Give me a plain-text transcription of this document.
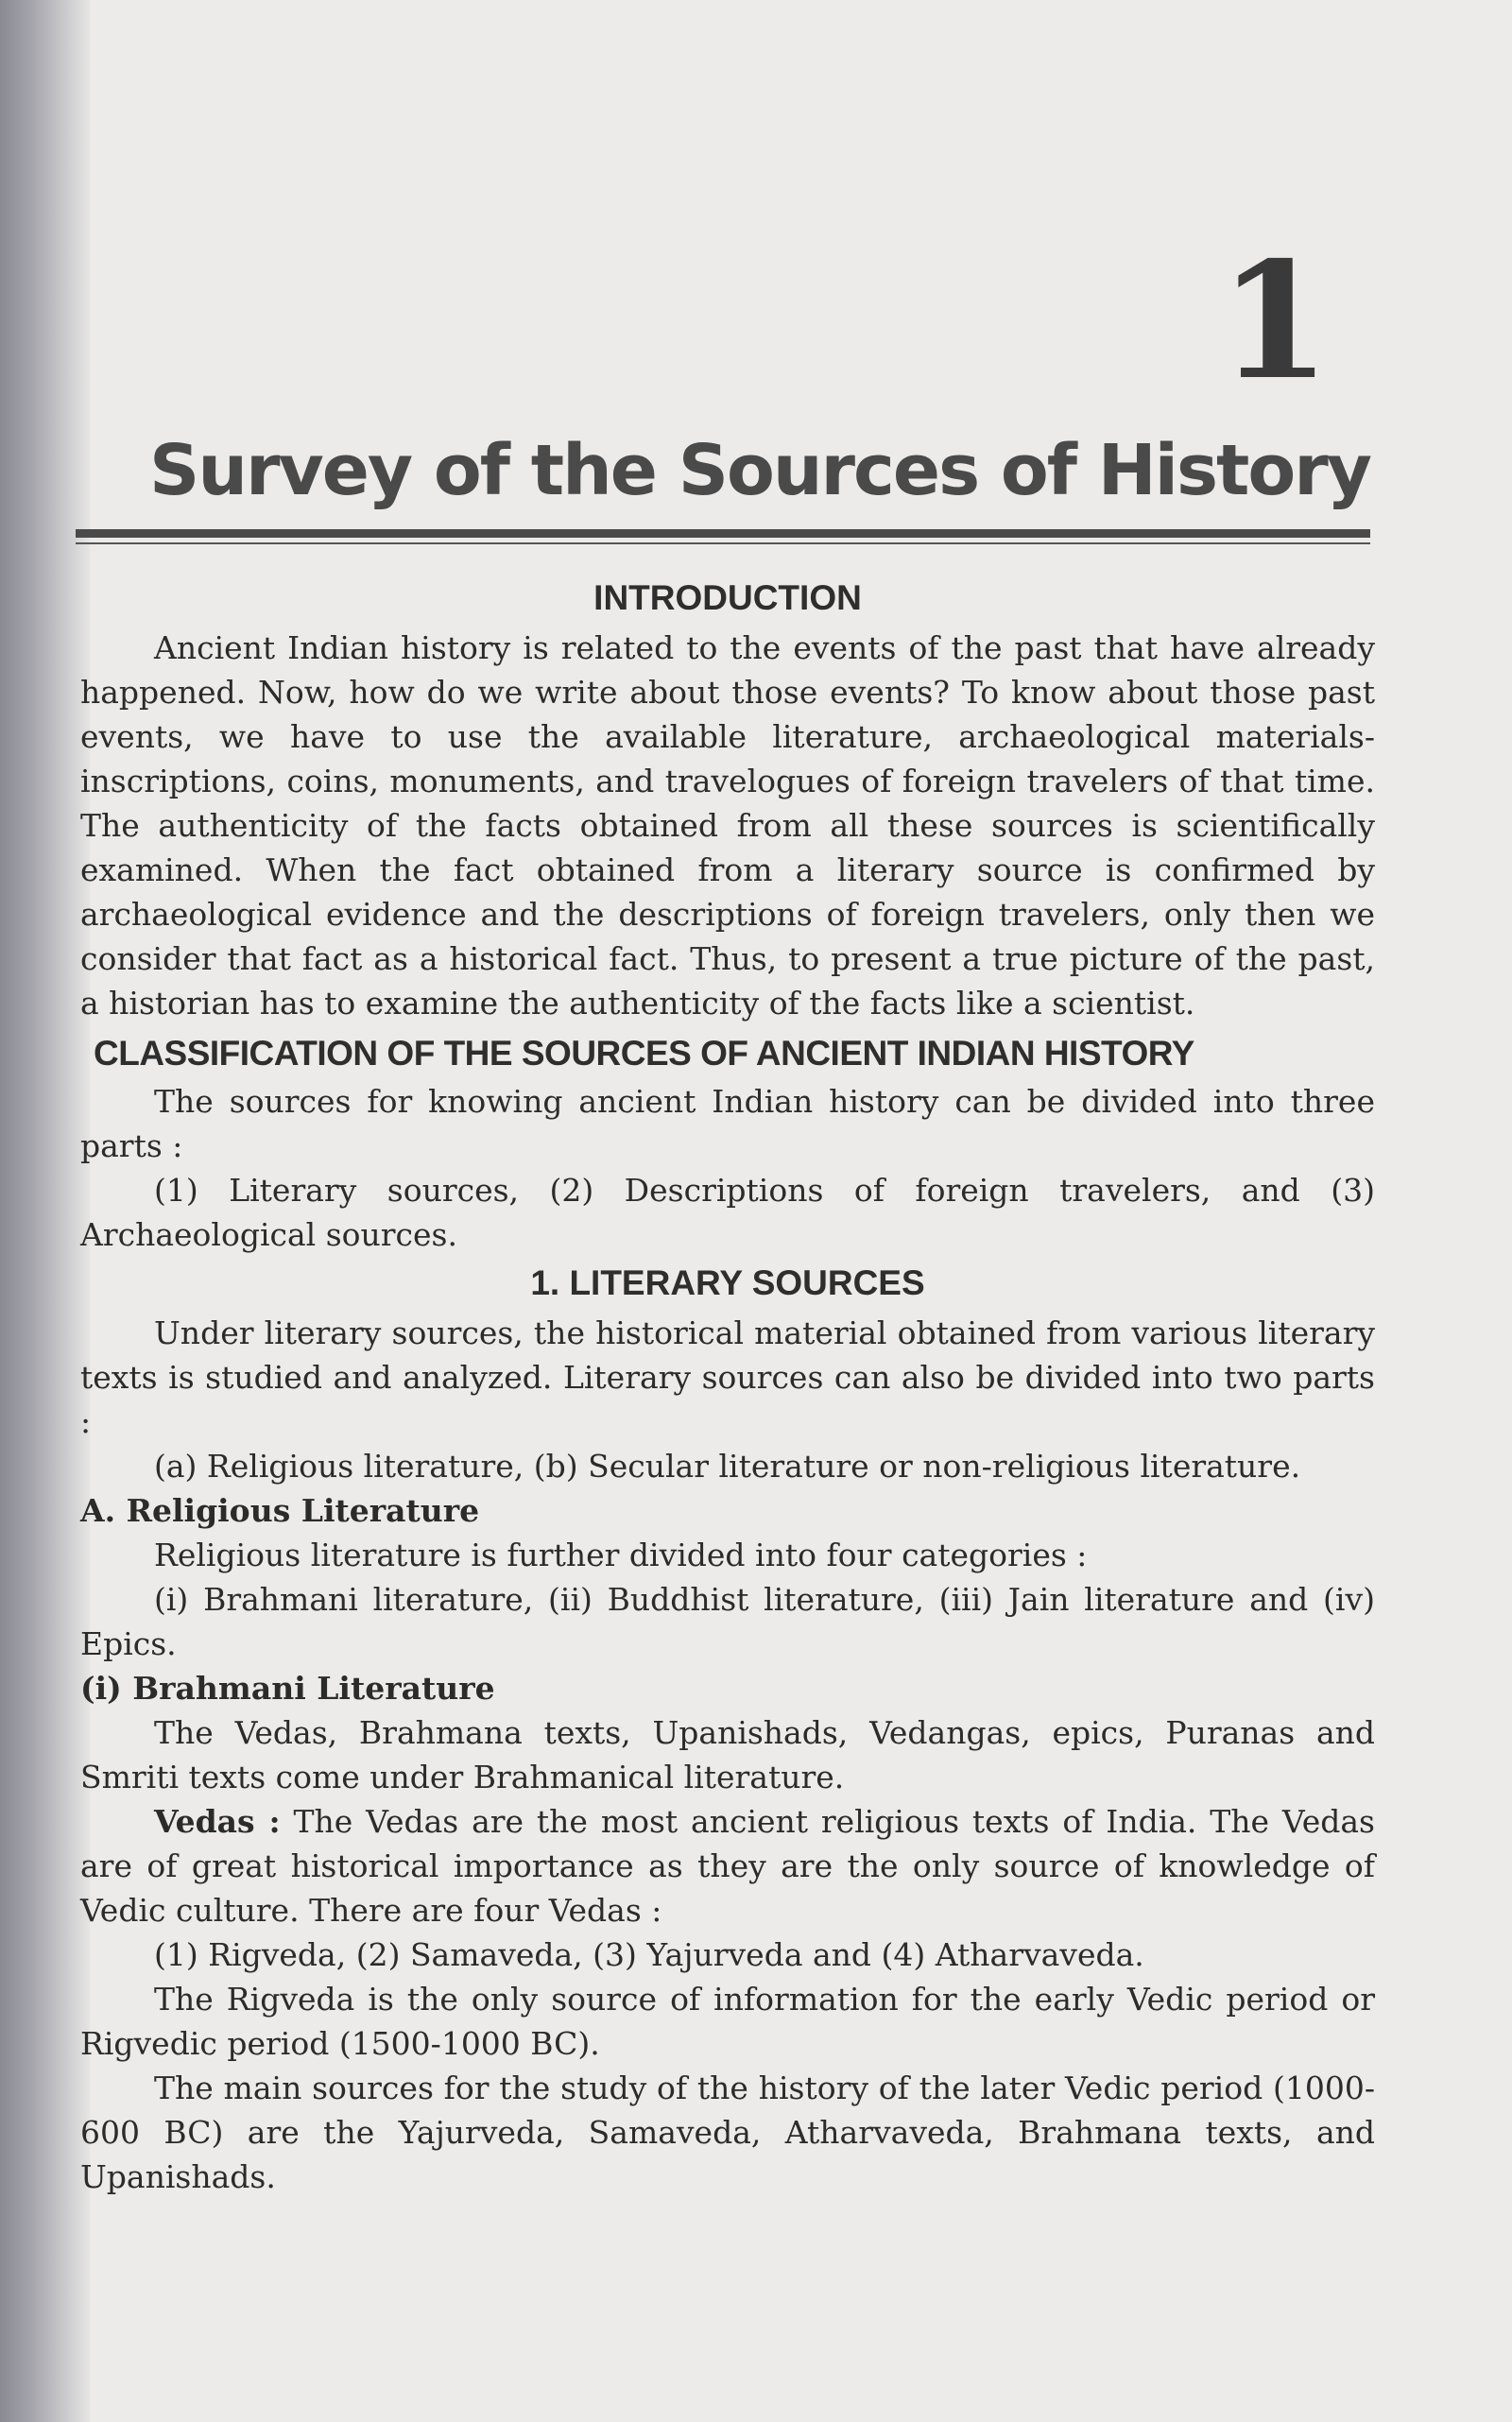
1
Survey of the Sources of History
INTRODUCTION

Ancient Indian history is related to the events of the past that have already happened. Now, how do we write about those events? To know about those past events, we have to use the available literature, archaeological materials-inscriptions, coins, monuments, and travelogues of foreign travelers of that time. The authenticity of the facts obtained from all these sources is scientifically examined. When the fact obtained from a literary source is confirmed by archaeological evidence and the descriptions of foreign travelers, only then we consider that fact as a historical fact. Thus, to present a true picture of the past, a historian has to examine the authenticity of the facts like a scientist.

CLASSIFICATION OF THE SOURCES OF ANCIENT INDIAN HISTORY

The sources for knowing ancient Indian history can be divided into three parts :

(1) Literary sources, (2) Descriptions of foreign travelers, and (3) Archaeological sources.

1. LITERARY SOURCES

Under literary sources, the historical material obtained from various literary texts is studied and analyzed. Literary sources can also be divided into two parts :

(a) Religious literature, (b) Secular literature or non-religious literature.

A. Religious Literature

Religious literature is further divided into four categories :

(i) Brahmani literature, (ii) Buddhist literature, (iii) Jain literature and (iv) Epics.

(i) Brahmani Literature

The Vedas, Brahmana texts, Upanishads, Vedangas, epics, Puranas and Smriti texts come under Brahmanical literature.

Vedas : The Vedas are the most ancient religious texts of India. The Vedas are of great historical importance as they are the only source of knowledge of Vedic culture. There are four Vedas :

(1) Rigveda, (2) Samaveda, (3) Yajurveda and (4) Atharvaveda.

The Rigveda is the only source of information for the early Vedic period or Rigvedic period (1500-1000 BC).

The main sources for the study of the history of the later Vedic period (1000-600 BC) are the Yajurveda, Samaveda, Atharvaveda, Brahmana texts, and Upanishads.
